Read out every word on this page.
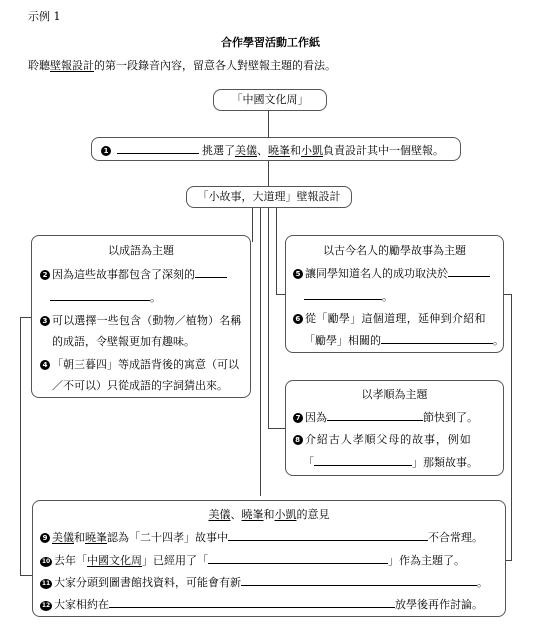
示例 1
合作學習活動工作紙
聆聽壁報設計的第一段錄音內容，留意各人對壁報主題的看法。
「中國文化周」
1	挑選了美儀、曉峯和小凱負責設計其中一個壁報。
「小故事，大道理」壁報設計
以成語為主題
2 因為這些故事都包含了深刻的
。
3 可以選擇一些包含（動物／植物）名稱
的成語，令壁報更加有趣味。
4 「朝三暮四」等成語背後的寓意（可以
／不可以）只從成語的字詞猜出來。
以古今名人的勵學故事為主題
5 讓同學知道名人的成功取決於
。
6 從「勵學」這個道理，延伸到介紹和
「勵學」相關的	。
以孝順為主題
7 因為	節快到了。
8 介紹古人孝順父母的故事，例如
「	」那類故事。
美儀、曉峯和小凱的意見
9 美儀和曉峯認為「二十四孝」故事中	不合常理。
10 去年「中國文化周」已經用了「	」作為主題了。
11 大家分頭到圖書館找資料，可能會有新	。
12 大家相約在	放學後再作討論。
